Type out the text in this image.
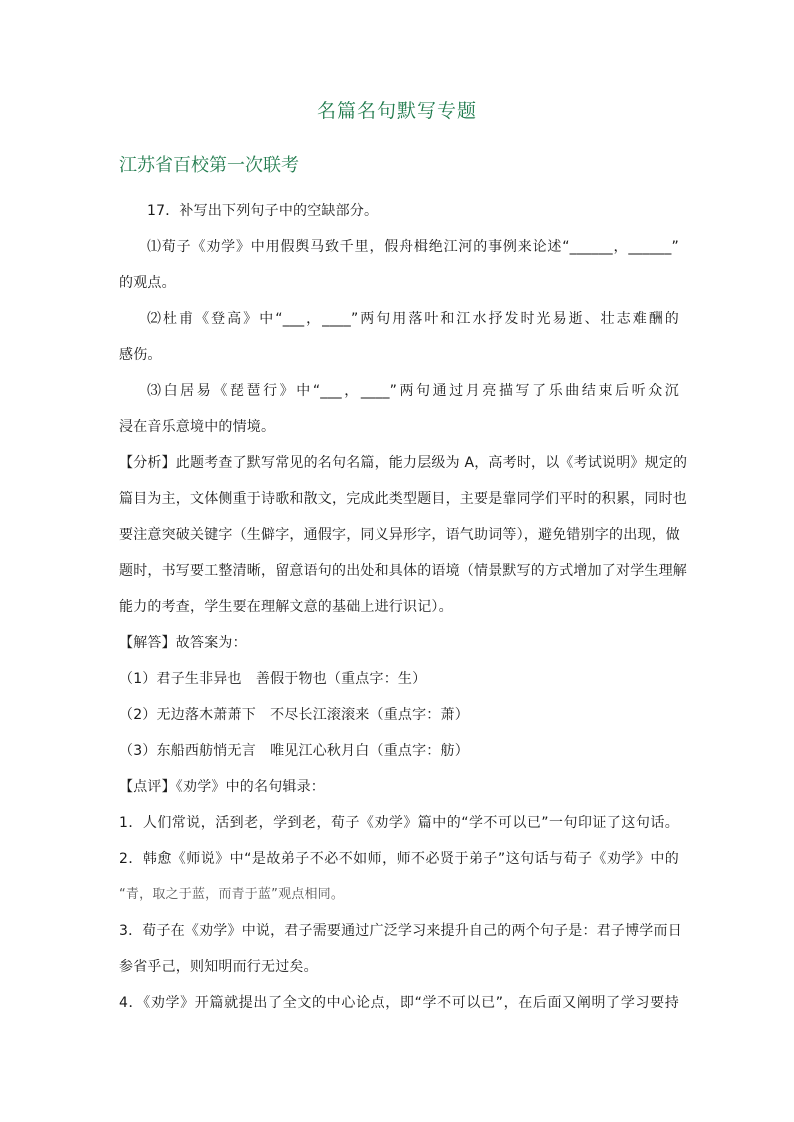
名篇名句默写专题
江苏省百校第一次联考
17．补写出下列句子中的空缺部分。
⑴荀子《劝学》中用假舆马致千里，假舟楫绝江河的事例来论述“______，______”
的观点。
⑵杜甫《登高》中“___，____”两句用落叶和江水抒发时光易逝、壮志难酬的
感伤。
⑶白居易《琵琶行》中“___，____”两句通过月亮描写了乐曲结束后听众沉
浸在音乐意境中的情境。
【分析】此题考查了默写常见的名句名篇，能力层级为 A，高考时，以《考试说明》规定的
篇目为主，文体侧重于诗歌和散文，完成此类型题目，主要是靠同学们平时的积累，同时也
要注意突破关键字（生僻字，通假字，同义异形字，语气助词等），避免错别字的出现，做
题时，书写要工整清晰，留意语句的出处和具体的语境（情景默写的方式增加了对学生理解
能力的考查，学生要在理解文意的基础上进行识记）。
【解答】故答案为：
（1）君子生非异也　善假于物也（重点字：生）
（2）无边落木萧萧下　不尽长江滚滚来（重点字：萧）
（3）东船西舫悄无言　唯见江心秋月白（重点字：舫）
【点评】《劝学》中的名句辑录：
1．人们常说，活到老，学到老，荀子《劝学》篇中的“学不可以已”一句印证了这句话。
2．韩愈《师说》中“是故弟子不必不如师，师不必贤于弟子”这句话与荀子《劝学》中的
“青，取之于蓝，而青于蓝”观点相同。
3．荀子在《劝学》中说，君子需要通过广泛学习来提升自己的两个句子是：君子博学而日
参省乎己，则知明而行无过矣。
4．《劝学》开篇就提出了全文的中心论点，即“学不可以已”，在后面又阐明了学习要持
